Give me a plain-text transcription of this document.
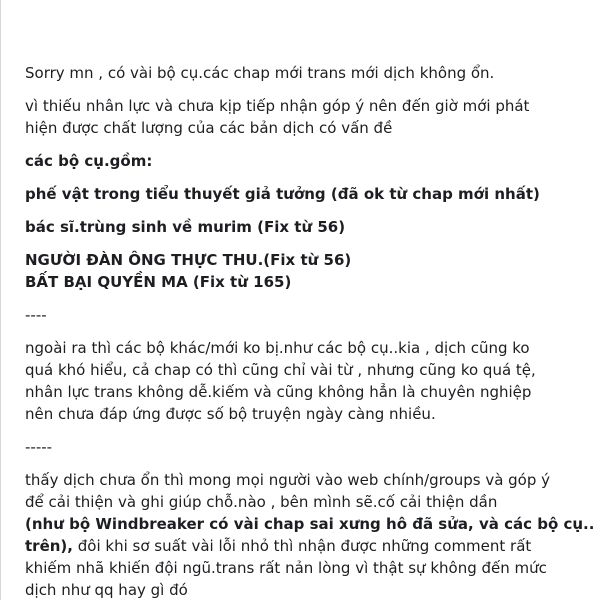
Sorry mn , có vài bộ cụ.các chap mới trans mới dịch không ổn.

vì thiếu nhân lực và chưa kịp tiếp nhận góp ý nên đến giờ mới phát

hiện được chất lượng của các bản dịch có vấn đề

các bộ cụ.gồm:

phế vật trong tiểu thuyết giả tưởng (đã ok từ chap mới nhất)

bác sĩ.trùng sinh về murim (Fix từ 56)

NGƯỜI ĐÀN ÔNG THỰC THU.(Fix từ 56)

BẤT BẠI QUYỀN MA (Fix từ 165)

----

ngoài ra thì các bộ khác/mới ko bị.như các bộ cụ..kia , dịch cũng ko

quá khó hiểu, cả chap có thì cũng chỉ vài từ , nhưng cũng ko quá tệ,

nhân lực trans không dễ.kiếm và cũng không hẳn là chuyên nghiệp

nên chưa đáp ứng được số bộ truyện ngày càng nhiều.

-----

thấy dịch chưa ổn thì mong mọi người vào web chính/groups và góp ý

để cải thiện và ghi giúp chỗ.nào , bên mình sẽ.cố cải thiện dần

(như bộ Windbreaker có vài chap sai xưng hô đã sửa, và các bộ cụ..

trên), đôi khi sơ suất vài lỗi nhỏ thì nhận được những comment rất

khiếm nhã khiến đội ngũ.trans rất nản lòng vì thật sự không đến mức

dịch như qq hay gì đó
